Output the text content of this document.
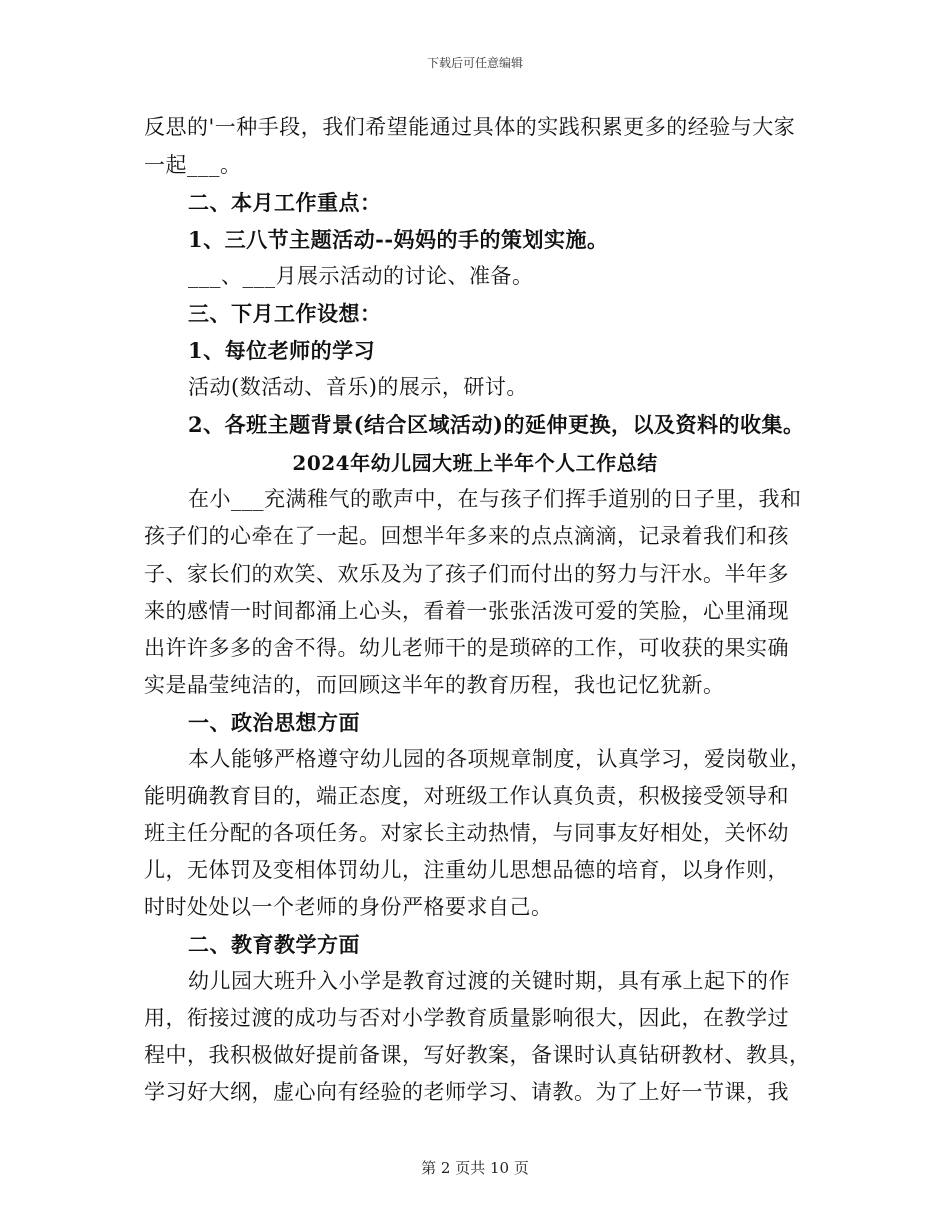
下载后可任意编辑
反思的'一种手段，我们希望能通过具体的实践积累更多的经验与大家
一起___。
二、本月工作重点：
1、三八节主题活动--妈妈的手的策划实施。
___、___月展示活动的讨论、准备。
三、下月工作设想：
1、每位老师的学习
活动(数活动、音乐)的展示，研讨。
2、各班主题背景(结合区域活动)的延伸更换，以及资料的收集。
2024年幼儿园大班上半年个人工作总结
在小___充满稚气的歌声中，在与孩子们挥手道别的日子里，我和
孩子们的心牵在了一起。回想半年多来的点点滴滴，记录着我们和孩
子、家长们的欢笑、欢乐及为了孩子们而付出的努力与汗水。半年多
来的感情一时间都涌上心头，看着一张张活泼可爱的笑脸，心里涌现
出许许多多的舍不得。幼儿老师干的是琐碎的工作，可收获的果实确
实是晶莹纯洁的，而回顾这半年的教育历程，我也记忆犹新。
一、政治思想方面
本人能够严格遵守幼儿园的各项规章制度，认真学习，爱岗敬业，
能明确教育目的，端正态度，对班级工作认真负责，积极接受领导和
班主任分配的各项任务。对家长主动热情，与同事友好相处，关怀幼
儿，无体罚及变相体罚幼儿，注重幼儿思想品德的培育，以身作则，
时时处处以一个老师的身份严格要求自己。
二、教育教学方面
幼儿园大班升入小学是教育过渡的关键时期，具有承上起下的作
用，衔接过渡的成功与否对小学教育质量影响很大，因此，在教学过
程中，我积极做好提前备课，写好教案，备课时认真钻研教材、教具，
学习好大纲，虚心向有经验的老师学习、请教。为了上好一节课，我
第 2 页共 10 页
